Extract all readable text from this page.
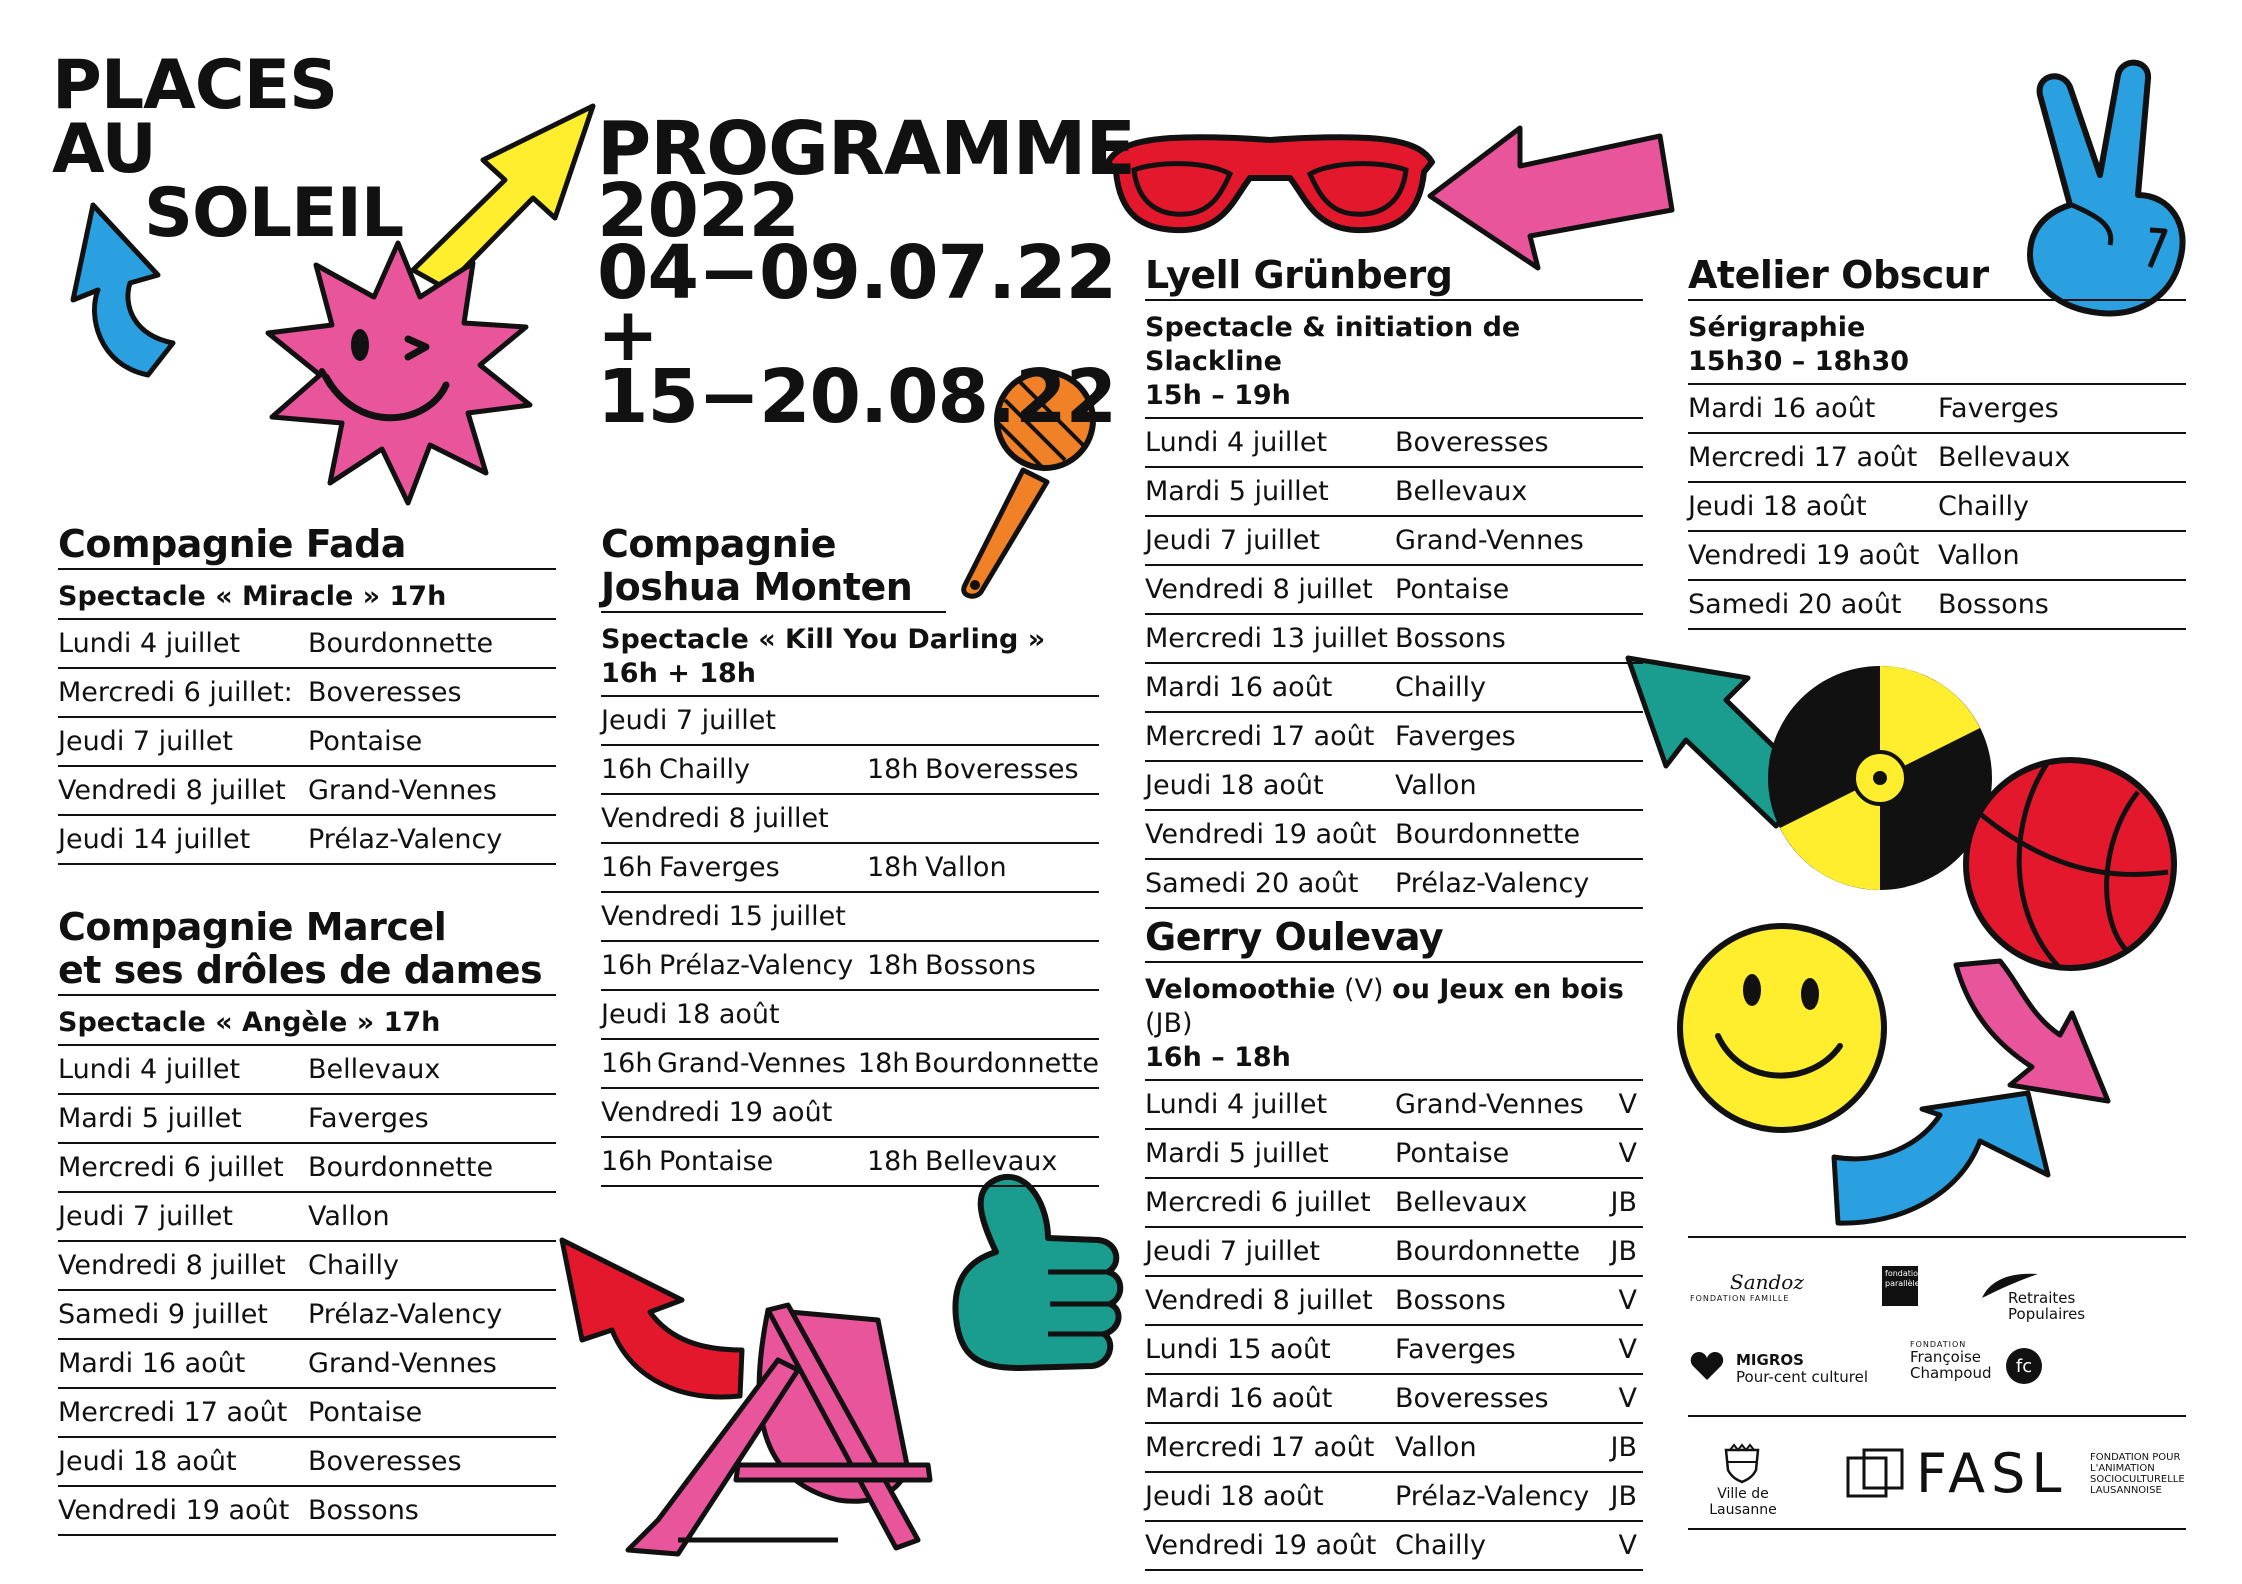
PLACES
AU
SOLEIL
PROGRAMME
2022
04−09.07.22
+
15−20.08.22
Compagnie Fada
Spectacle « Miracle » 17h
Lundi 4 juillet	Bourdonnette
Mercredi 6 juillet: Boveresses
Jeudi 7 juillet	Pontaise
Vendredi 8 juillet Grand-Vennes
Jeudi 14 juillet	Prélaz-Valency
Compagnie Marcel
et ses drôles de dames
Spectacle « Angèle » 17h
Lundi 4 juillet	Bellevaux
Mardi 5 juillet	Faverges
Mercredi 6 juillet Bourdonnette
Jeudi 7 juillet	Vallon
Vendredi 8 juillet Chailly
Samedi 9 juillet	Prélaz-Valency
Mardi 16 août	Grand-Vennes
Mercredi 17 août Pontaise
Jeudi 18 août	Boveresses
Vendredi 19 août Bossons
Compagnie
Joshua Monten
Spectacle « Kill You Darling »
16h + 18h
Jeudi 7 juillet
16h Chailly	18h Boveresses
Vendredi 8 juillet
16h Faverges	18h Vallon
Vendredi 15 juillet
16h Prélaz-Valency 18h Bossons
Jeudi 18 août
16h Grand-Vennes 18h Bourdonnette
Vendredi 19 août
16h Pontaise	18h Bellevaux
Lyell Grünberg
Spectacle & initiation de Slackline
15h – 19h
Lundi 4 juillet	Boveresses
Mardi 5 juillet	Bellevaux
Jeudi 7 juillet	Grand-Vennes
Vendredi 8 juillet Pontaise
Mercredi 13 juillet Bossons
Mardi 16 août	Chailly
Mercredi 17 août Faverges
Jeudi 18 août	Vallon
Vendredi 19 août Bourdonnette
Samedi 20 août	Prélaz-Valency
Gerry Oulevay
Velomoothie (V) ou Jeux en bois (JB)
16h – 18h
Lundi 4 juillet	Grand-Vennes V
Mardi 5 juillet	Pontaise	V
Mercredi 6 juillet Bellevaux	JB
Jeudi 7 juillet	Bourdonnette JB
Vendredi 8 juillet Bossons	V
Lundi 15 août	Faverges	V
Mardi 16 août	Boveresses	V
Mercredi 17 août Vallon	JB
Jeudi 18 août	Prélaz-Valency JB
Vendredi 19 août Chailly	V
Atelier Obscur
Sérigraphie
15h30 – 18h30
Mardi 16 août	Faverges
Mercredi 17 août Bellevaux
Jeudi 18 août	Chailly
Vendredi 19 août Vallon
Samedi 20 août	Bossons
Sandoz
FONDATION FAMILLE
fondation
parallèle
Retraites
Populaires
MIGROS
Pour-cent culturel
FONDATION
Françoise
Champoud	fc
Ville de Lausanne
FASL FONDATION POUR
L'ANIMATION
SOCIOCULTURELLE
LAUSANNOISE
